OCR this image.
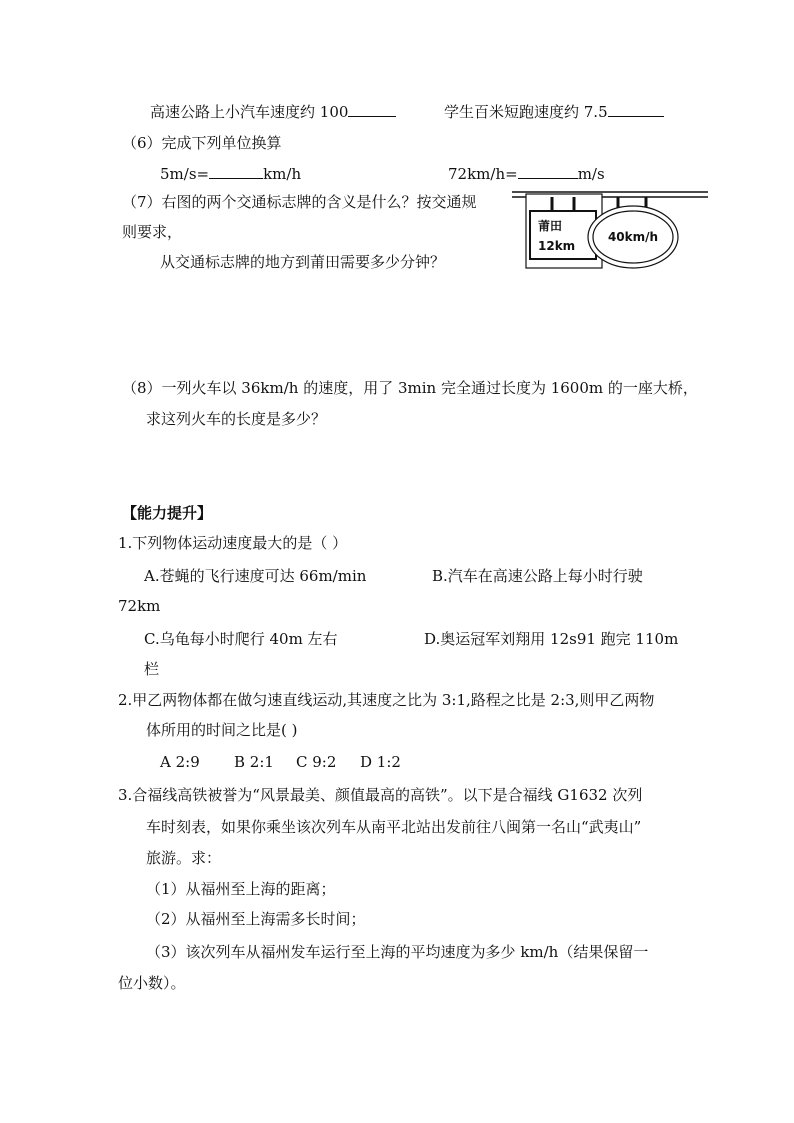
高速公路上小汽车速度约 100	学生百米短跑速度约 7.5
（6）完成下列单位换算
5m/s=	km/h	72km/h=	m/s
（7）右图的两个交通标志牌的含义是什么？按交通规
则要求，
从交通标志牌的地方到莆田需要多少分钟？
莆田
12km
40km/h
（8）一列火车以 36km/h 的速度，用了 3min 完全通过长度为 1600m 的一座大桥，
求这列火车的长度是多少？
【能力提升】
1.下列物体运动速度最大的是（ ）
A.苍蝇的飞行速度可达 66m/min	B.汽车在高速公路上每小时行驶
72km
C.乌龟每小时爬行 40m 左右	D.奥运冠军刘翔用 12s91 跑完 110m
栏
2.甲乙两物体都在做匀速直线运动,其速度之比为 3:1,路程之比是 2:3,则甲乙两物
体所用的时间之比是( )
A 2:9 B 2:1 C 9:2 D 1:2
3.合福线高铁被誉为“风景最美、颜值最高的高铁”。以下是合福线 G1632 次列
车时刻表，如果你乘坐该次列车从南平北站出发前往八闽第一名山“武夷山”
旅游。求：
（1）从福州至上海的距离；
（2）从福州至上海需多长时间；
（3）该次列车从福州发车运行至上海的平均速度为多少 km/h（结果保留一
位小数）。
